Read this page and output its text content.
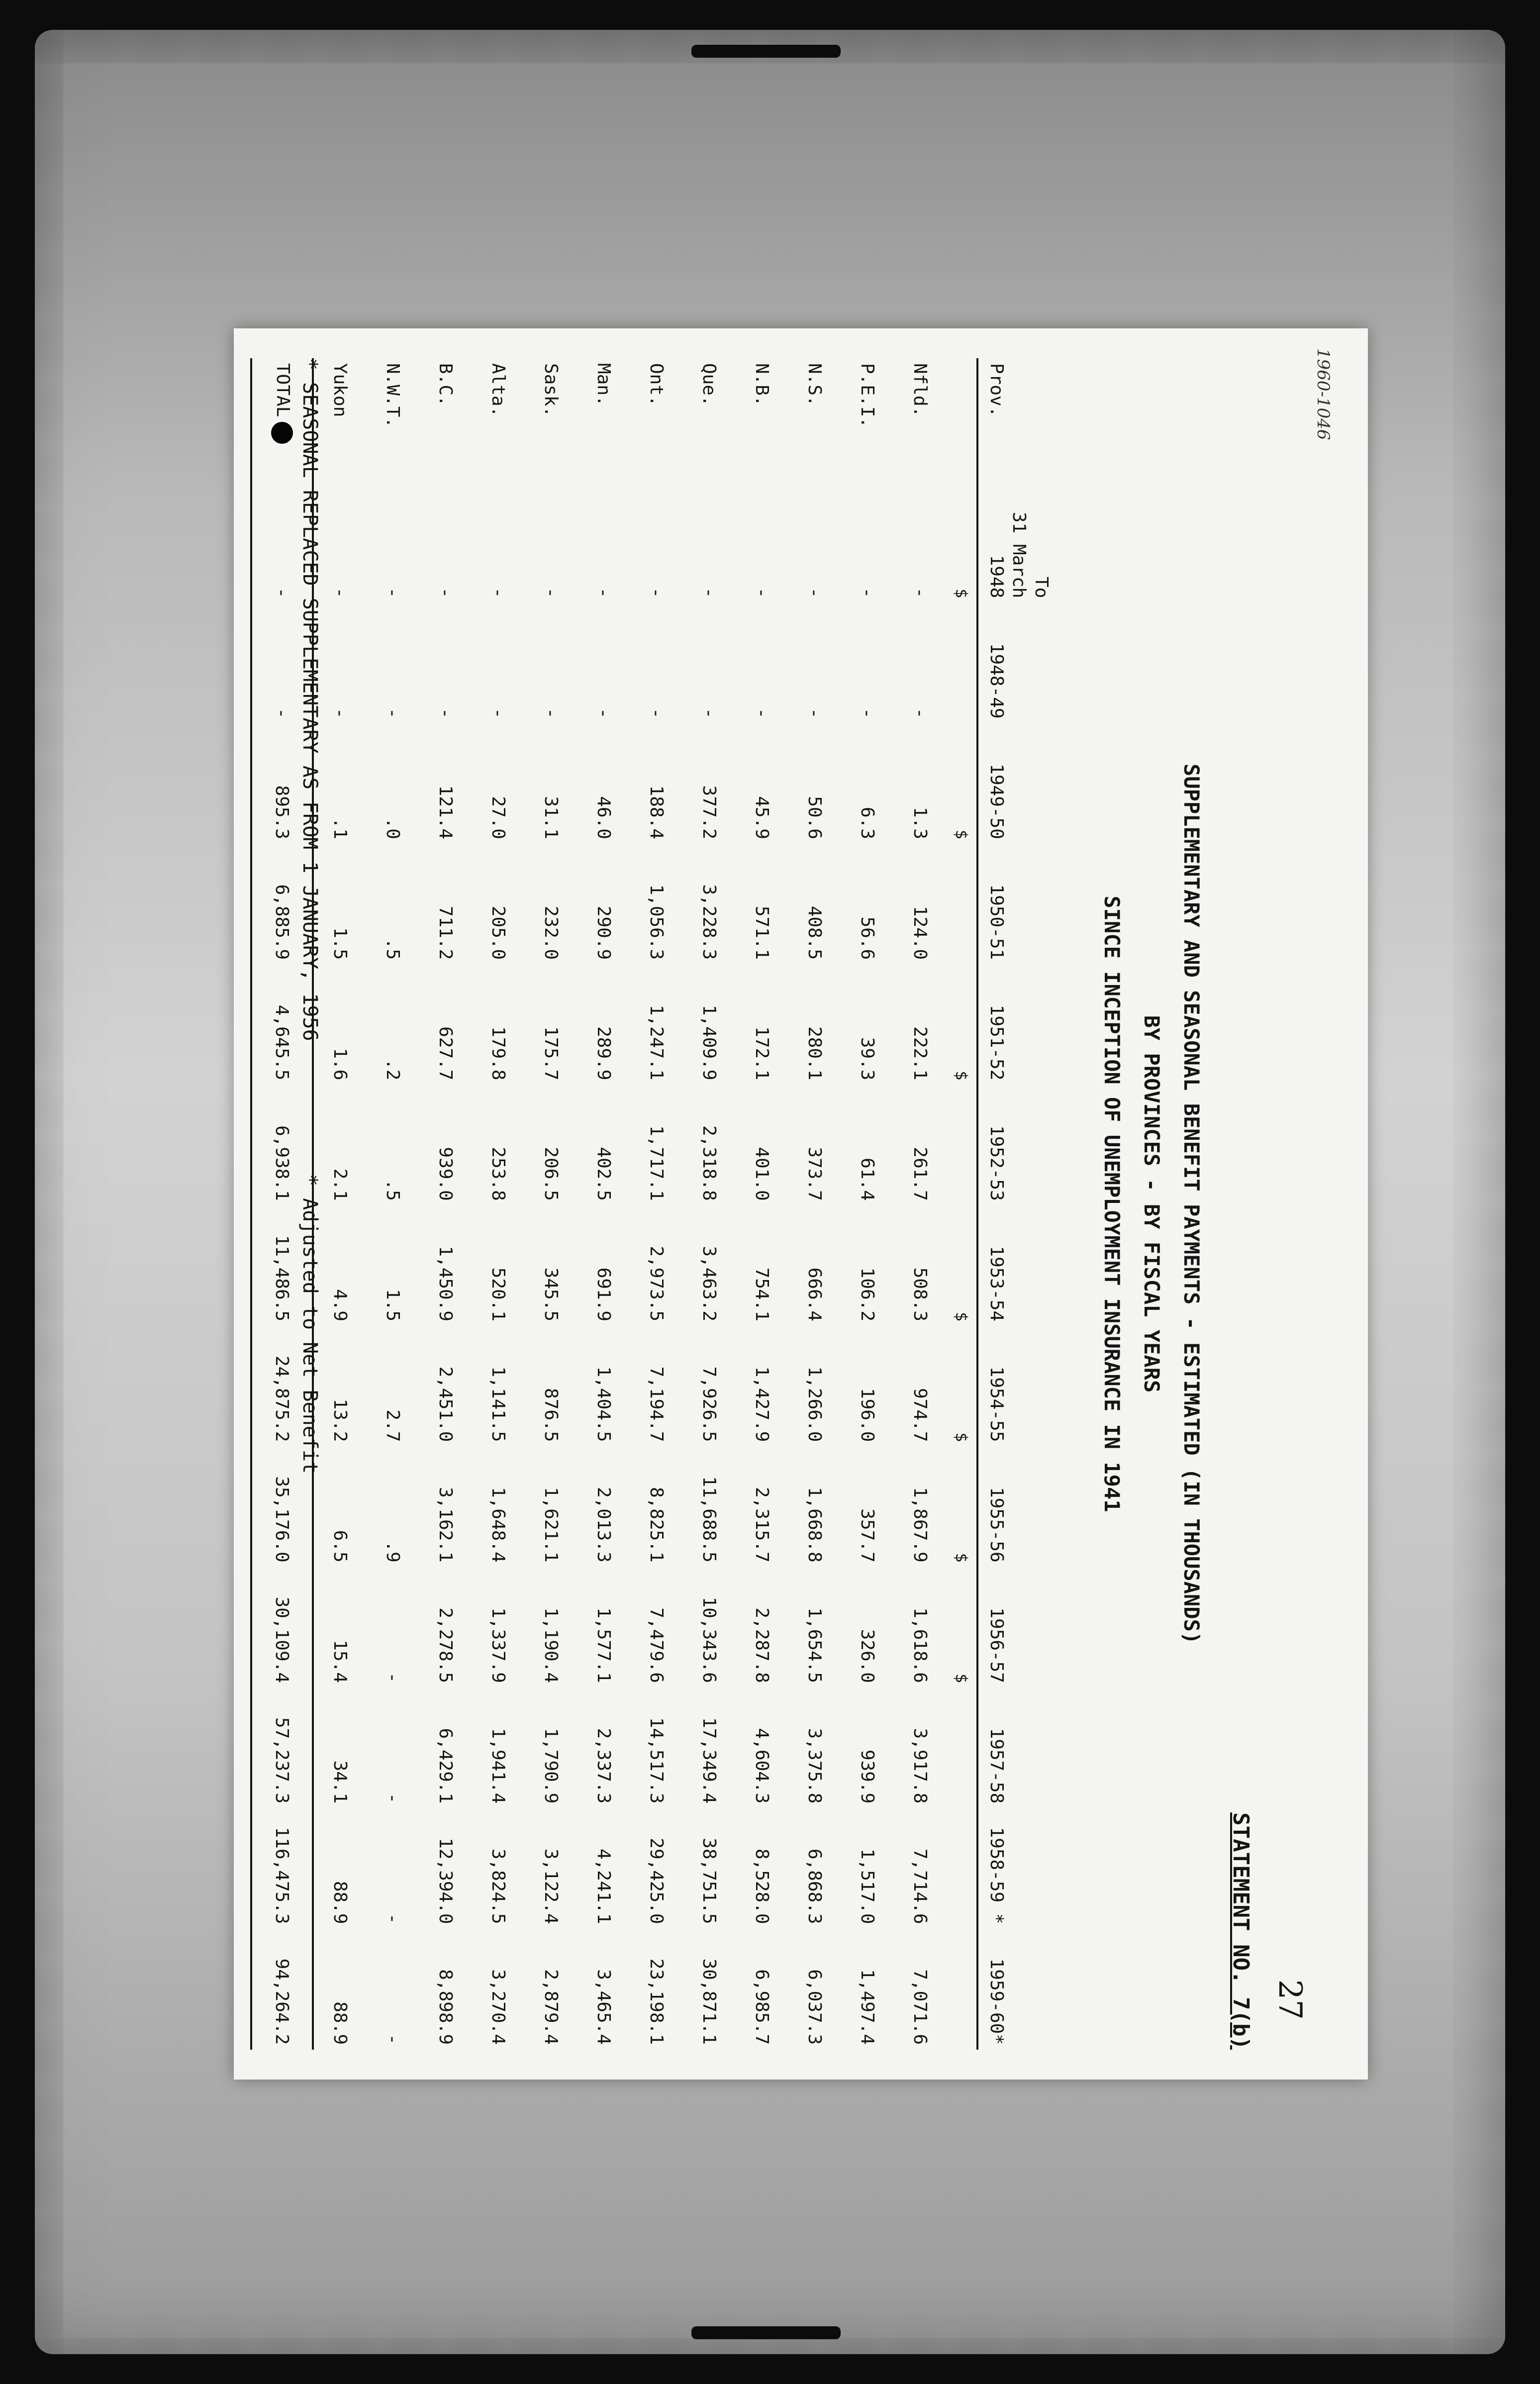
1960-1046
27
STATEMENT NO. 7(b)
SUPPLEMENTARY AND SEASONAL BENEFIT PAYMENTS - ESTIMATED (IN THOUSANDS)
BY PROVINCES - BY FISCAL YEARS
SINCE INCEPTION OF UNEMPLOYMENT INSURANCE IN 1941
Prov.	To
31 March
1948	1948-49	1949-50	1950-51	1951-52	1952-53	1953-54	1954-55	1955-56	1956-57	1957-58	1958-59 *	1959-60*
	$		$		$		$	$	$	$			
Nfld.	-	-	1.3	124.0	222.1	261.7	508.3	974.7	1,867.9	1,618.6	3,917.8	7,714.6	7,071.6
P.E.I.	-	-	6.3	56.6	39.3	61.4	106.2	196.0	357.7	326.0	939.9	1,517.0	1,497.4
N.S.	-	-	50.6	408.5	280.1	373.7	666.4	1,266.0	1,668.8	1,654.5	3,375.8	6,868.3	6,037.3
N.B.	-	-	45.9	571.1	172.1	401.0	754.1	1,427.9	2,315.7	2,287.8	4,604.3	8,528.0	6,985.7
Que.	-	-	377.2	3,228.3	1,409.9	2,318.8	3,463.2	7,926.5	11,688.5	10,343.6	17,349.4	38,751.5	30,871.1
Ont.	-	-	188.4	1,056.3	1,247.1	1,717.1	2,973.5	7,194.7	8,825.1	7,479.6	14,517.3	29,425.0	23,198.1
Man.	-	-	46.0	290.9	289.9	402.5	691.9	1,404.5	2,013.3	1,577.1	2,337.3	4,241.1	3,465.4
Sask.	-	-	31.1	232.0	175.7	206.5	345.5	876.5	1,621.1	1,190.4	1,790.9	3,122.4	2,879.4
Alta.	-	-	27.0	205.0	179.8	253.8	520.1	1,141.5	1,648.4	1,337.9	1,941.4	3,824.5	3,270.4
B.C.	-	-	121.4	711.2	627.7	939.0	1,450.9	2,451.0	3,162.1	2,278.5	6,429.1	12,394.0	8,898.9
N.W.T.	-	-	.0	.5	.2	.5	1.5	2.7	.9	-	-	-	-
Yukon	-	-	.1	1.5	1.6	2.1	4.9	13.2	6.5	15.4	34.1	88.9	88.9
TOTAL	-	-	895.3	6,885.9	4,645.5	6,938.1	11,486.5	24,875.2	35,176.0	30,109.4	57,237.3	116,475.3	94,264.2
* SEASONAL REPLACED SUPPLEMENTARY AS FROM 1 JANUARY, 1956
* Adjusted to Net Benefit
